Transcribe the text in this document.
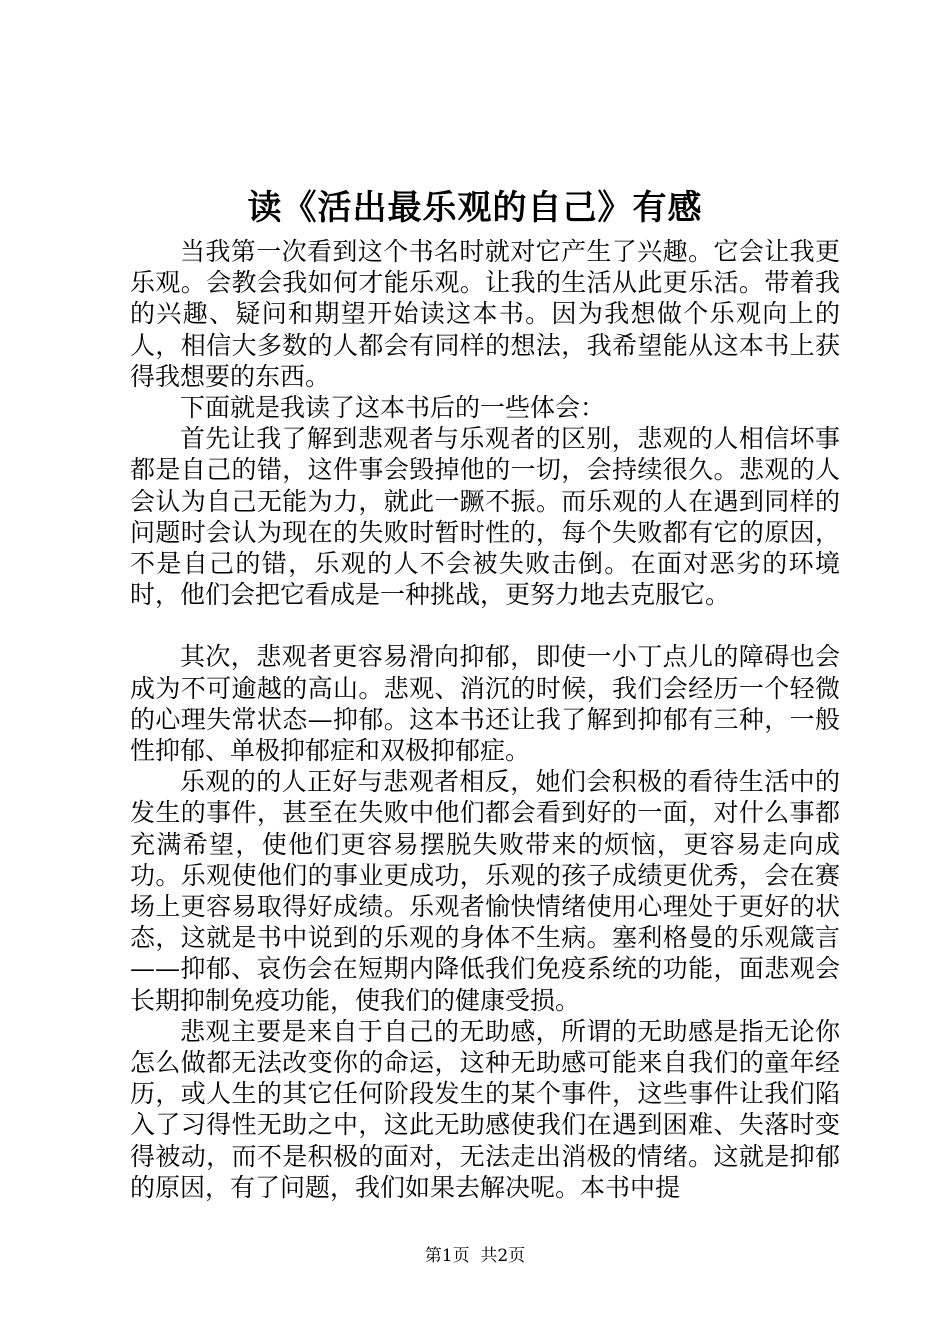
读《活出最乐观的自己》有感

当我第一次看到这个书名时就对它产生了兴趣。它会让我更乐观。会教会我如何才能乐观。让我的生活从此更乐活。带着我的兴趣、疑问和期望开始读这本书。因为我想做个乐观向上的人，相信大多数的人都会有同样的想法，我希望能从这本书上获得我想要的东西。

下面就是我读了这本书后的一些体会：

首先让我了解到悲观者与乐观者的区别，悲观的人相信坏事都是自己的错，这件事会毁掉他的一切，会持续很久。悲观的人会认为自己无能为力，就此一蹶不振。而乐观的人在遇到同样的问题时会认为现在的失败时暂时性的，每个失败都有它的原因，不是自己的错，乐观的人不会被失败击倒。在面对恶劣的环境时，他们会把它看成是一种挑战，更努力地去克服它。

其次，悲观者更容易滑向抑郁，即使一小丁点儿的障碍也会成为不可逾越的高山。悲观、消沉的时候，我们会经历一个轻微的心理失常状态—抑郁。这本书还让我了解到抑郁有三种，一般性抑郁、单极抑郁症和双极抑郁症。

乐观的的人正好与悲观者相反，她们会积极的看待生活中的发生的事件，甚至在失败中他们都会看到好的一面，对什么事都充满希望，使他们更容易摆脱失败带来的烦恼，更容易走向成功。乐观使他们的事业更成功，乐观的孩子成绩更优秀，会在赛场上更容易取得好成绩。乐观者愉快情绪使用心理处于更好的状态，这就是书中说到的乐观的身体不生病。塞利格曼的乐观箴言——抑郁、哀伤会在短期内降低我们免疫系统的功能，面悲观会长期抑制免疫功能，使我们的健康受损。

悲观主要是来自于自己的无助感，所谓的无助感是指无论你怎么做都无法改变你的命运，这种无助感可能来自我们的童年经历，或人生的其它任何阶段发生的某个事件，这些事件让我们陷入了习得性无助之中，这此无助感使我们在遇到困难、失落时变得被动，而不是积极的面对，无法走出消极的情绪。这就是抑郁的原因，有了问题，我们如果去解决呢。本书中提

第1页  共2页
